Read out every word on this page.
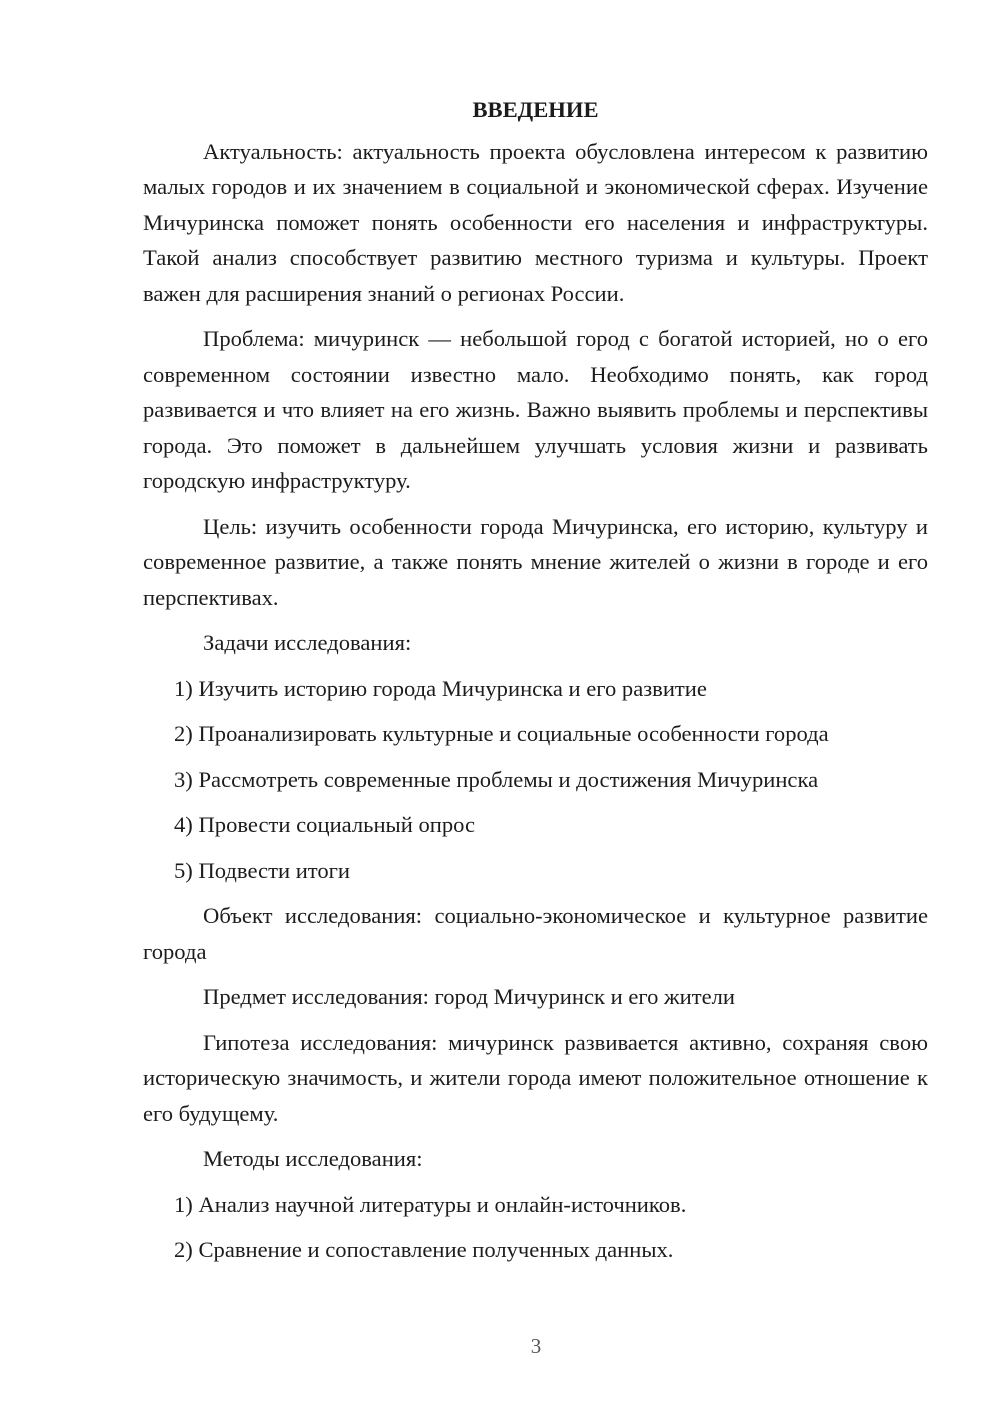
ВВЕДЕНИЕ

Актуальность: актуальность проекта обусловлена интересом к развитию малых городов и их значением в социальной и экономической сферах. Изучение Мичуринска поможет понять особенности его населения и инфраструктуры. Такой анализ способствует развитию местного туризма и культуры. Проект важен для расширения знаний о регионах России.

Проблема: мичуринск — небольшой город с богатой историей, но о его современном состоянии известно мало. Необходимо понять, как город развивается и что влияет на его жизнь. Важно выявить проблемы и перспективы города. Это поможет в дальнейшем улучшать условия жизни и развивать городскую инфраструктуру.

Цель: изучить особенности города Мичуринска, его историю, культуру и современное развитие, а также понять мнение жителей о жизни в городе и его перспективах.

Задачи исследования:

1) Изучить историю города Мичуринска и его развитие
2) Проанализировать культурные и социальные особенности города
3) Рассмотреть современные проблемы и достижения Мичуринска
4) Провести социальный опрос
5) Подвести итоги

Объект исследования: социально-экономическое и культурное развитие города

Предмет исследования: город Мичуринск и его жители

Гипотеза исследования: мичуринск развивается активно, сохраняя свою историческую значимость, и жители города имеют положительное отношение к его будущему.

Методы исследования:

1) Анализ научной литературы и онлайн-источников.
2) Сравнение и сопоставление полученных данных.
3
